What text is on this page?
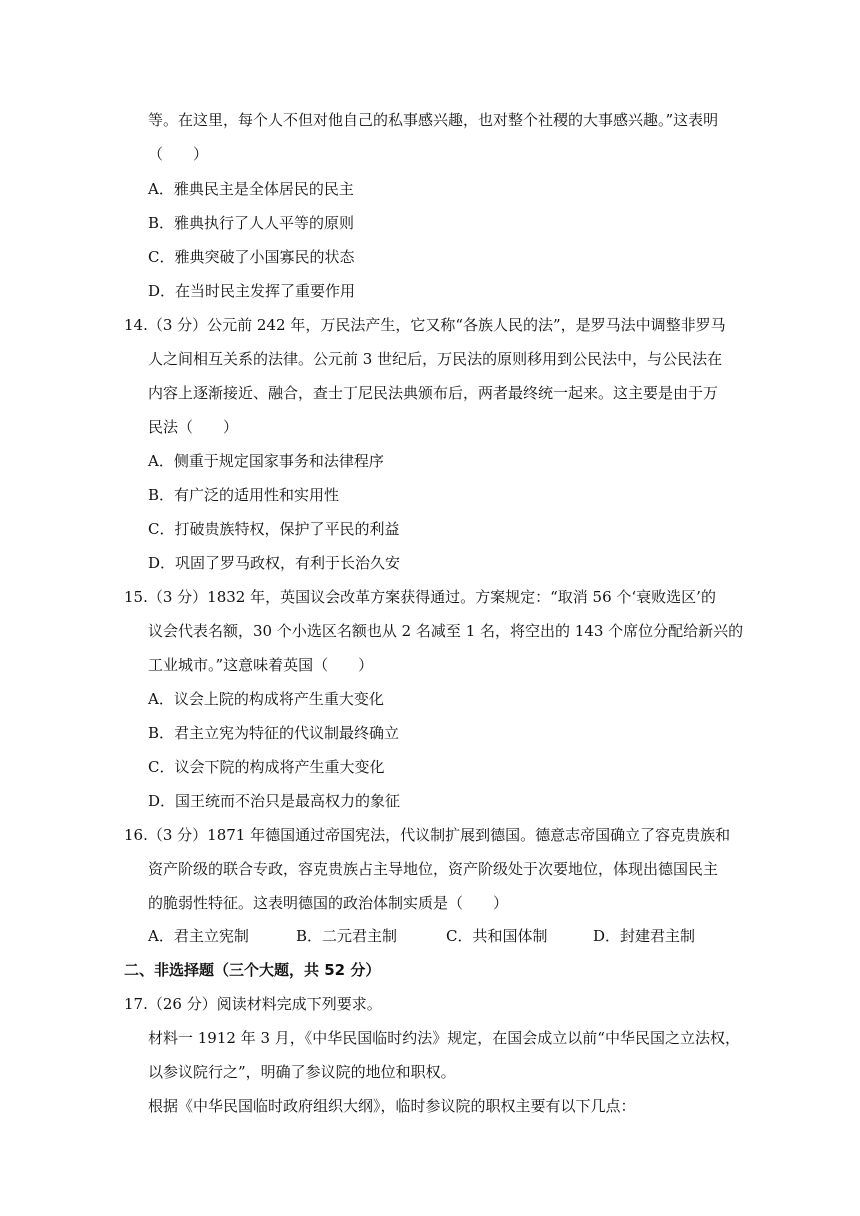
等。在这里，每个人不但对他自己的私事感兴趣，也对整个社稷的大事感兴趣。”这表明
（　　）
A．雅典民主是全体居民的民主
B．雅典执行了人人平等的原则
C．雅典突破了小国寡民的状态
D．在当时民主发挥了重要作用
14.（3 分）公元前 242 年，万民法产生，它又称“各族人民的法”，是罗马法中调整非罗马
人之间相互关系的法律。公元前 3 世纪后，万民法的原则移用到公民法中，与公民法在
内容上逐渐接近、融合，查士丁尼民法典颁布后，两者最终统一起来。这主要是由于万
民法（　　）
A．侧重于规定国家事务和法律程序
B．有广泛的适用性和实用性
C．打破贵族特权，保护了平民的利益
D．巩固了罗马政权，有利于长治久安
15.（3 分）1832 年，英国议会改革方案获得通过。方案规定：“取消 56 个‘衰败选区’的
议会代表名额，30 个小选区名额也从 2 名减至 1 名，将空出的 143 个席位分配给新兴的
工业城市。”这意味着英国（　　）
A．议会上院的构成将产生重大变化
B．君主立宪为特征的代议制最终确立
C．议会下院的构成将产生重大变化
D．国王统而不治只是最高权力的象征
16.（3 分）1871 年德国通过帝国宪法，代议制扩展到德国。德意志帝国确立了容克贵族和
资产阶级的联合专政，容克贵族占主导地位，资产阶级处于次要地位，体现出德国民主
的脆弱性特征。这表明德国的政治体制实质是（　　）
A．君主立宪制	B．二元君主制	C．共和国体制	D．封建君主制
二、非选择题（三个大题，共 52 分）
17.（26 分）阅读材料完成下列要求。
材料一 1912 年 3 月，《中华民国临时约法》规定，在国会成立以前“中华民国之立法权，
以参议院行之”，明确了参议院的地位和职权。
根据《中华民国临时政府组织大纲》，临时参议院的职权主要有以下几点：
